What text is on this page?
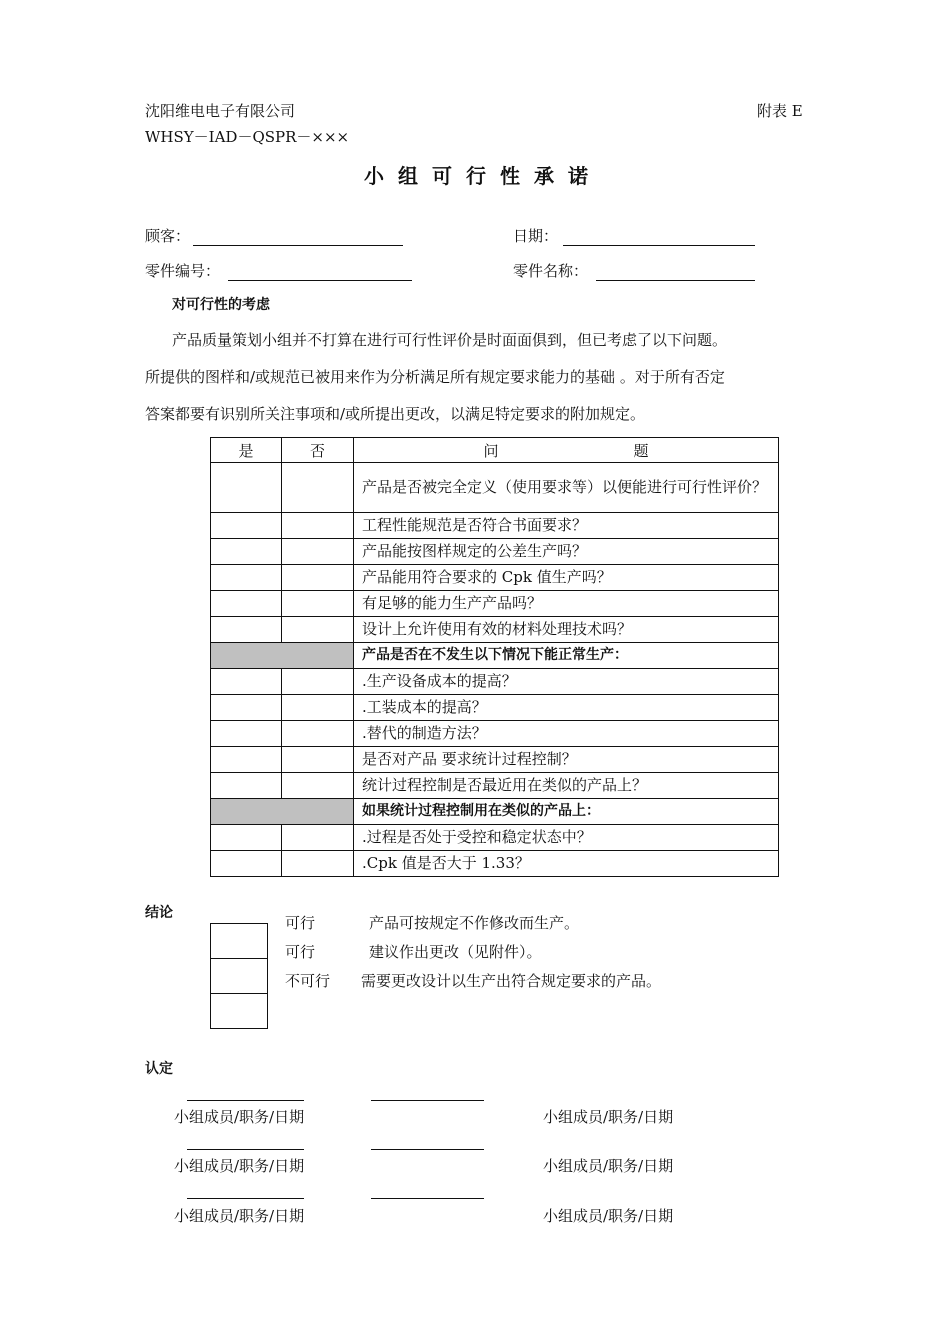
沈阳维电电子有限公司	附表 E
WHSY－IAD－QSPR－×××
小组可行性承诺
顾客：	日期：
零件编号：	零件名称：
对可行性的考虑
产品质量策划小组并不打算在进行可行性评价是时面面俱到，但已考虑了以下问题。
所提供的图样和/或规范已被用来作为分析满足所有规定要求能力的基础 。对于所有否定
答案都要有识别所关注事项和/或所提出更改，以满足特定要求的附加规定。
是	否	问　　　　　　　　　题
		产品是否被完全定义（使用要求等）以便能进行可行性评价？
		工程性能规范是否符合书面要求？
		产品能按图样规定的公差生产吗？
		产品能用符合要求的 Cpk 值生产吗？
		有足够的能力生产产品吗？
		设计上允许使用有效的材料处理技术吗？
		产品是否在不发生以下情况下能正常生产：
		.生产设备成本的提高？
		.工装成本的提高？
		.替代的制造方法？
		是否对产品 要求统计过程控制？
		统计过程控制是否最近用在类似的产品上？
		如果统计过程控制用在类似的产品上：
		.过程是否处于受控和稳定状态中？
		.Cpk 值是否大于 1.33？
结论
可行	产品可按规定不作修改而生产。
可行	建议作出更改（见附件）。
不可行 需要更改设计以生产出符合规定要求的产品。
认定
小组成员/职务/日期	小组成员/职务/日期
小组成员/职务/日期	小组成员/职务/日期
小组成员/职务/日期	小组成员/职务/日期
